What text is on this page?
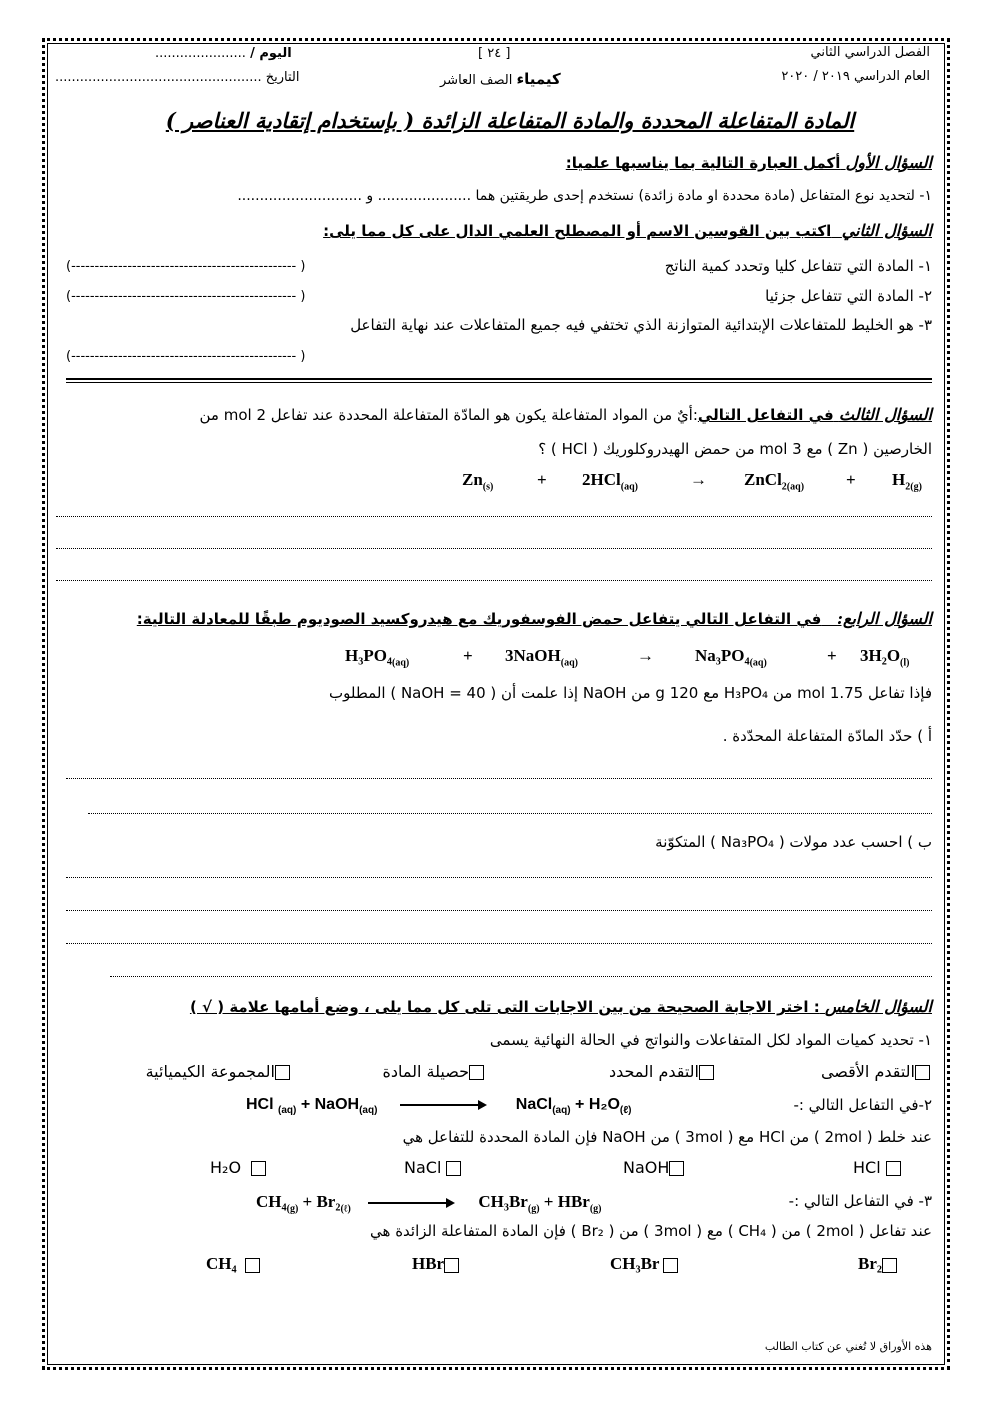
الفصل الدراسي الثاني
العام الدراسي ٢٠١٩ / ٢٠٢٠
[ ٢٤ ]
كيمياء الصف العاشر
اليوم / ......................
التاريخ ..................................................
المادة المتفاعلة المحددة والمادة المتفاعلة الزائدة ( بإستخدام إتقادية العناصر )
السؤال الأول أكمل العبارة التالية بما يناسبها علميا:
١- لتحديد نوع المتفاعل (مادة محددة او مادة زائدة) نستخدم إحدى طريقتين هما ..................... و ............................
السؤال الثاني  اكتب بين القوسين الاسم أو المصطلح العلمي الدال على كل مما يلى:
١- المادة التي تتفاعل كليا وتحدد كمية الناتج
(------------------------------------------------ )
٢- المادة التي تتفاعل جزئيا
(------------------------------------------------ )
٣- هو الخليط للمتفاعلات الإبتدائية المتوازنة الذي تختفي فيه جميع المتفاعلات عند نهاية التفاعل
(------------------------------------------------ )
السؤال الثالث في التفاعل التالي:أيٌ من المواد المتفاعلة يكون هو المادّة المتفاعلة المحددة عند تفاعل 2 mol من
الخارصين ( Zn ) مع 3 mol من حمض الهيدروكلوريك ( HCl ) ؟
$Zn_{(s)}$	+ 2HCl$_{(aq)}$	→ ZnCl$_{2(aq)}$ + $H_{2(g)}$
السؤال الرابع:   في التفاعل التالي يتفاعل حمض الفوسفوريك مع هيدروكسيد الصوديوم طبقًا للمعادلة التالية:
$H_3PO_4_{(aq)}$	+ 3NaOH$_{(aq)}$	→ $Na_3PO_4_{(aq)}$	+ $3H_2O_{(l)}$
فإذا تفاعل 1.75 mol من H₃PO₄ مع 120 g من NaOH إذا علمت أن ( NaOH = 40 ) المطلوب
أ ) حدّد المادّة المتفاعلة المحدّدة .
ب ) احسب عدد مولات ( Na₃PO₄ ) المتكوّنة
السؤال الخامس : اختر الاجابة الصحيحة من بين الاجابات التى تلى كل مما يلى ، وضع أمامها علامة ( √ )
١- تحديد كميات المواد لكل المتفاعلات والنواتج في الحالة النهائية يسمى
التقدم الأقصى
التقدم المحدد
حصيلة المادة
المجموعة الكيميائية
٢-في التفاعل التالي :-
HCl $_{(aq)}$ + NaOH$_{(aq)}$	NaCl$_{(aq)}$ + $H_2O_{(\ell)}$
عند خلط ( 2mol ) من HCl مع ( 3mol ) من NaOH فإن المادة المحددة للتفاعل هي
HCl
NaOH
NaCl
H₂O
٣- في التفاعل التالي :-
$CH_4_{(g)} + Br_2_{(\ell)}$	$CH_3Br_{(g)} + HBr_{(g)}$
عند تفاعل ( 2mol ) من ( CH₄ ) مع ( 3mol ) من ( Br₂ ) فإن المادة المتفاعلة الزائدة هي
Br₂
CH₃Br
HBr
CH₄
هذه الأوراق لا تُغني عن كتاب الطالب
